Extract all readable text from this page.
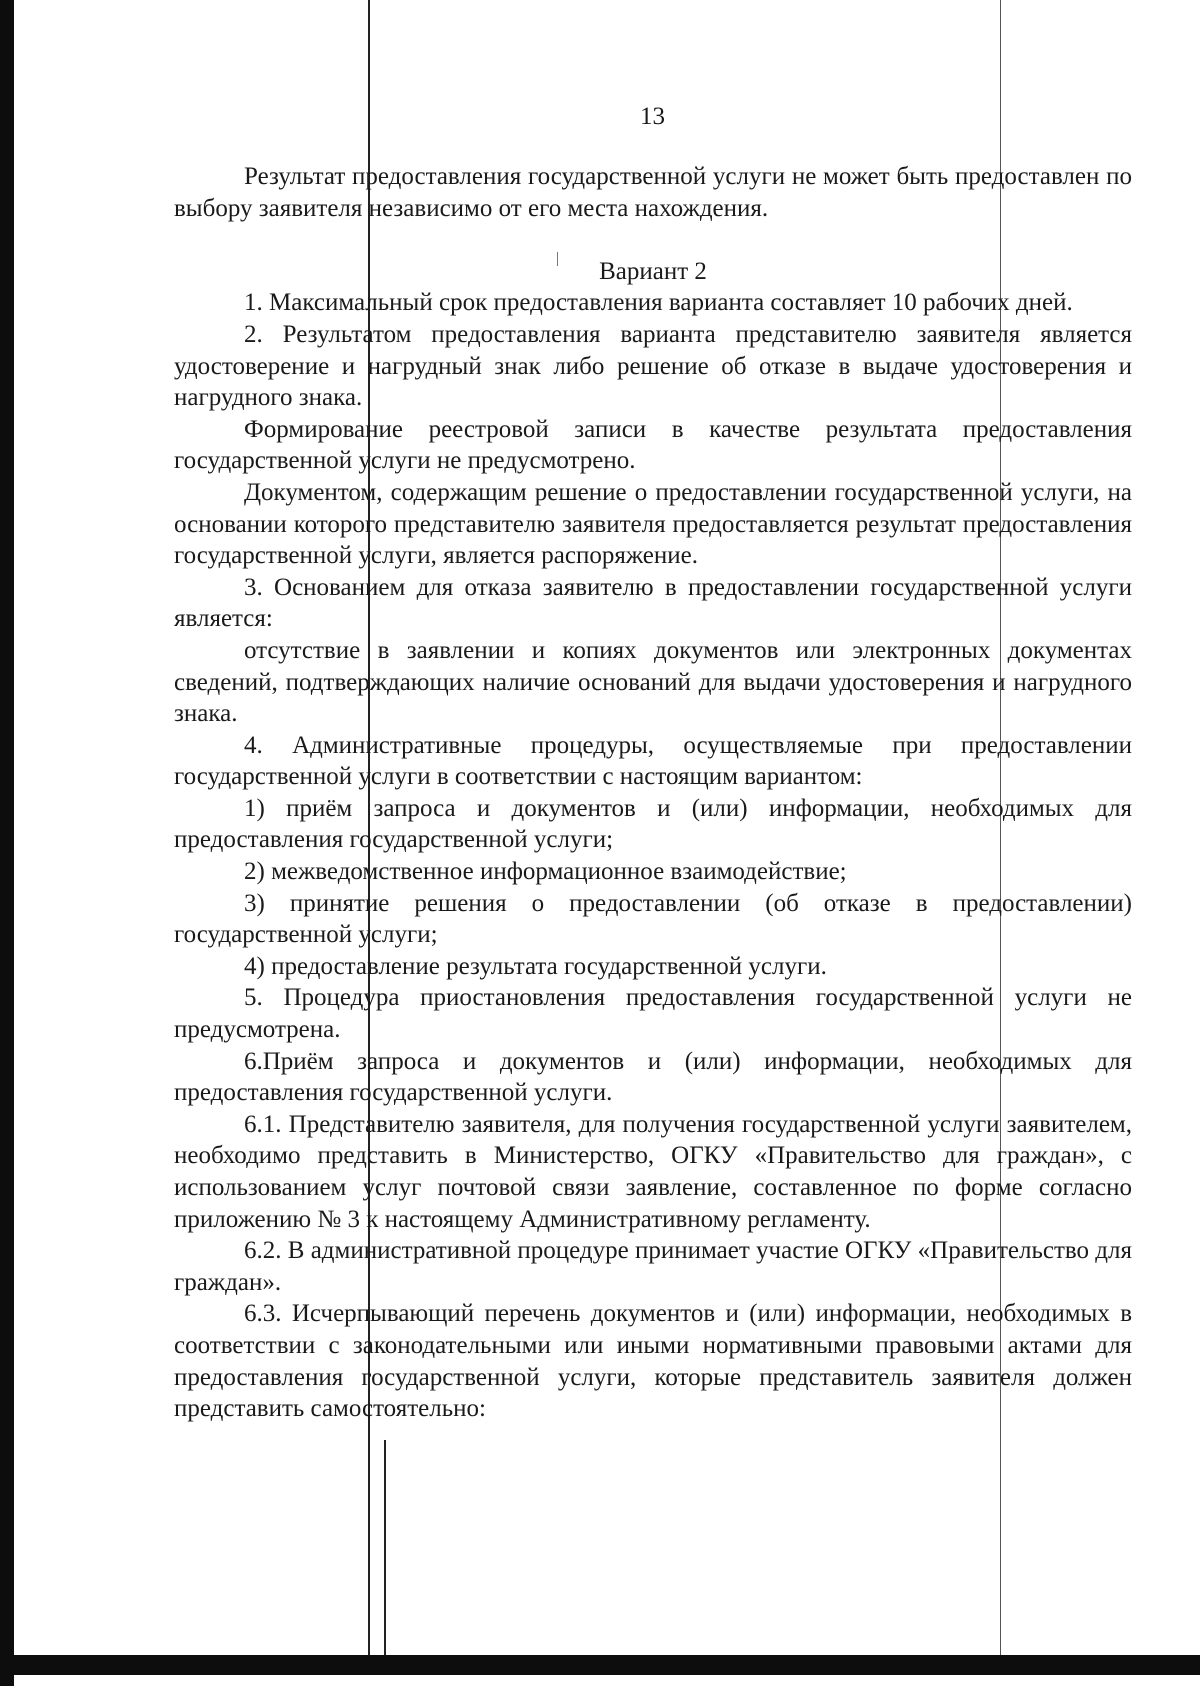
13

Результат предоставления государственной услуги не может быть предоставлен по выбору заявителя независимо от его места нахождения.

Вариант 2

1. Максимальный срок предоставления варианта составляет 10 рабочих дней.

2. Результатом предоставления варианта представителю заявителя является удостоверение и нагрудный знак либо решение об отказе в выдаче удостоверения и нагрудного знака.

Формирование реестровой записи в качестве результата предоставления государственной услуги не предусмотрено.

Документом, содержащим решение о предоставлении государственной услуги, на основании которого представителю заявителя предоставляется результат предоставления государственной услуги, является распоряжение.

3. Основанием для отказа заявителю в предоставлении государственной услуги является:

отсутствие в заявлении и копиях документов или электронных документах сведений, подтверждающих наличие оснований для выдачи удостоверения и нагрудного знака.

4. Административные процедуры, осуществляемые при предоставлении государственной услуги в соответствии с настоящим вариантом:

1) приём запроса и документов и (или) информации, необходимых для предоставления государственной услуги;

2) межведомственное информационное взаимодействие;

3) принятие решения о предоставлении (об отказе в предоставлении) государственной услуги;

4) предоставление результата государственной услуги.

5. Процедура приостановления предоставления государственной услуги не предусмотрена.

6.Приём запроса и документов и (или) информации, необходимых для предоставления государственной услуги.

6.1. Представителю заявителя, для получения государственной услуги заявителем, необходимо представить в Министерство, ОГКУ «Правительство для граждан», с использованием услуг почтовой связи заявление, составленное по форме согласно приложению № 3 к настоящему Административному регламенту.

6.2. В административной процедуре принимает участие ОГКУ «Правительство для граждан».

6.3. Исчерпывающий перечень документов и (или) информации, необходимых в соответствии с законодательными или иными нормативными правовыми актами для предоставления государственной услуги, которые представитель заявителя должен представить самостоятельно:
